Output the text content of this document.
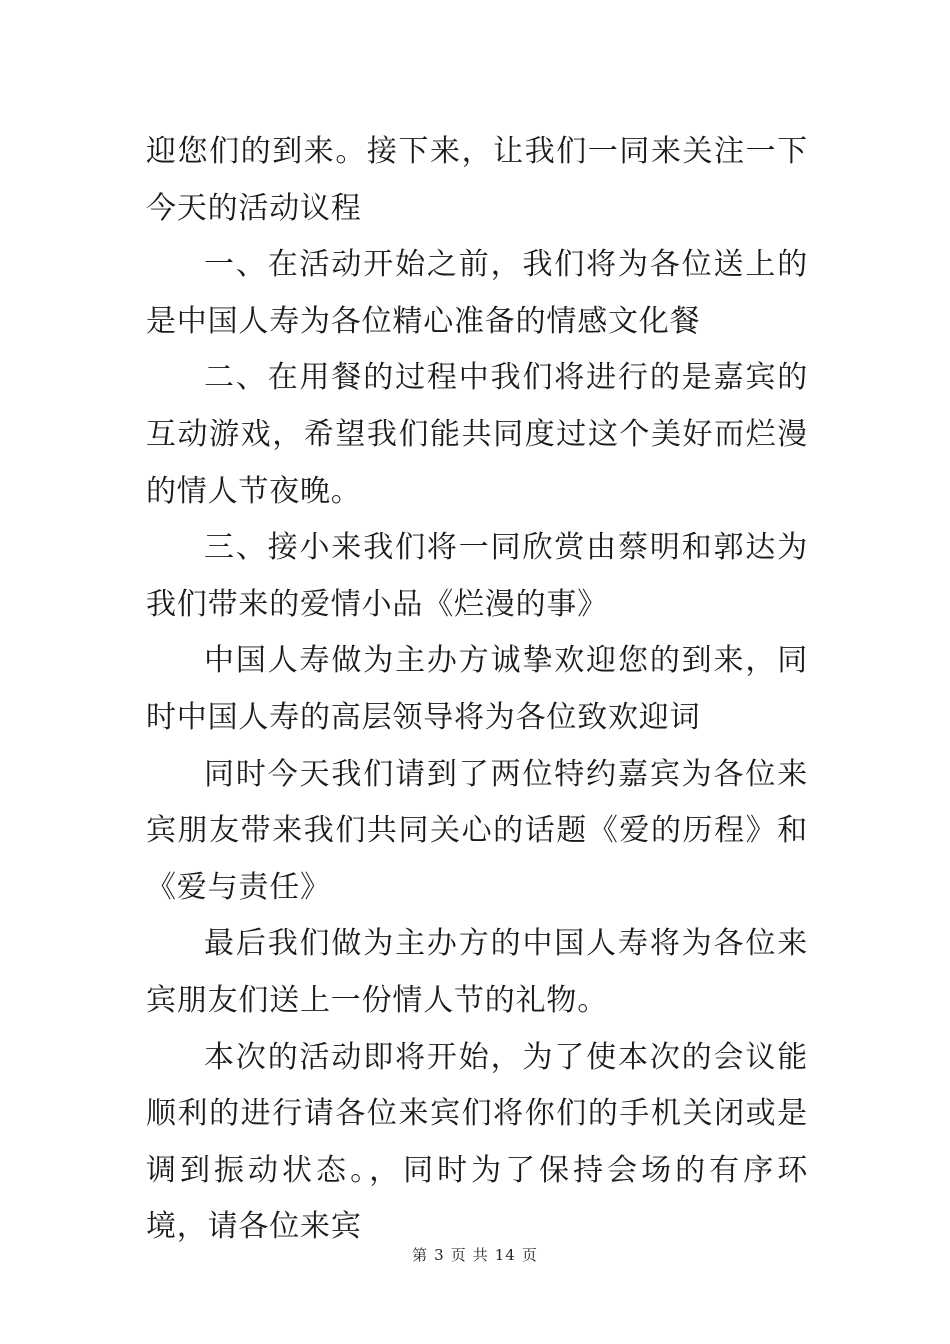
迎您们的到来。接下来，让我们一同来关注一下今天的活动议程

一、在活动开始之前，我们将为各位送上的是中国人寿为各位精心准备的情感文化餐

二、在用餐的过程中我们将进行的是嘉宾的互动游戏，希望我们能共同度过这个美好而烂漫的情人节夜晚。

三、接小来我们将一同欣赏由蔡明和郭达为我们带来的爱情小品《烂漫的事》

中国人寿做为主办方诚挚欢迎您的到来，同时中国人寿的高层领导将为各位致欢迎词

同时今天我们请到了两位特约嘉宾为各位来宾朋友带来我们共同关心的话题《爱的历程》和《爱与责任》

最后我们做为主办方的中国人寿将为各位来宾朋友们送上一份情人节的礼物。

本次的活动即将开始，为了使本次的会议能顺利的进行请各位来宾们将你们的手机关闭或是调到振动状态。，同时为了保持会场的有序环境，请各位来宾

第 3 页 共 14 页
